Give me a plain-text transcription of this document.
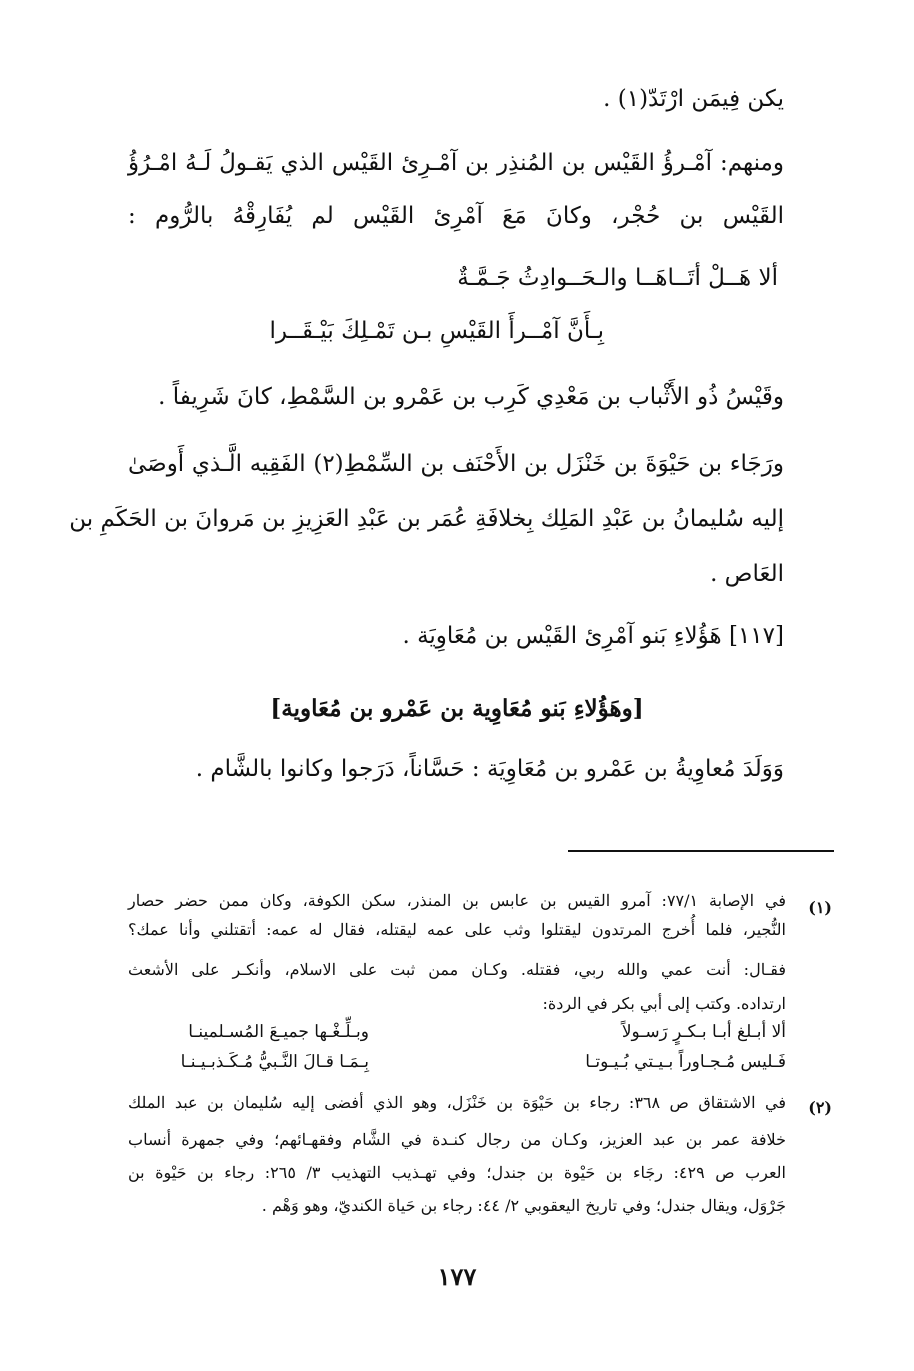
يكن فِيمَن ارْتَدّ(١) .
ومنهم: آمْـرؤُ القَيْس بن المُنذِر بن آمْـرِئ القَيْس الذي يَقـولُ لَـهُ امْـرُؤُ
القَيْس بن حُجْر، وكانَ مَعَ آمْرِئ القَيْس لم يُفَارِقْهُ بالرُّوم :
ألا هَــلْ أتَــاهَــا والـحَــوادِثُ جَـمَّـةٌ
بِـأَنَّ آمْــرأَ القَيْسِ بـن تَمْـلِكَ بَيْـقَــرا
وقَيْسُ ذُو الأَثْباب بن مَعْدِي كَرِب بن عَمْرو بن السَّمْطِ، كانَ شَرِيفاً .
ورَجَاء بن حَيْوَةَ بن خَنْزَل بن الأَحْنَف بن السِّمْطِ(٢) الفَقِيه الَّـذي أَوصَىٰ
إليه سُليمانُ بن عَبْدِ المَلِك بِخلافَةِ عُمَر بن عَبْدِ العَزِيزِ بن مَروانَ بن الحَكَمِ بن
العَاص .
[١١٧] هَؤُلاءِ بَنو آمْرِئ القَيْس بن مُعَاوِيَة .
[وهَؤُلاءِ بَنو مُعَاوِية بن عَمْرو بن مُعَاوية]
وَوَلَدَ مُعاوِيةُ بن عَمْرو بن مُعَاوِيَة : حَسَّاناً، دَرَجوا وكانوا بالشَّام .
(١)
في الإصابة ٧٧/١: آمرو القيس بن عابس بن المنذر، سكن الكوفة، وكان ممن حضر حصار
النُّجير، فلما أُخرج المرتدون ليقتلوا وثب على عمه ليقتله، فقال له عمه: أتقتلني وأنا عمك؟
فقـال: أنت عمي والله ربي، فقتله. وكـان ممن ثبت على الاسلام، وأنكـر على الأشعث
ارتداده. وكتب إلى أبي بكر في الردة:
ألا أبـلغ أبـا بـكـرٍ رَسـولاً
وبـلِّـغْـها جميـعَ المُسـلمينـا
فَـليس مُـجـاوراً بـيـتي بُـيـوتـا
بِـمَـا قـالَ النَّـبيُّ مُـكَـذبـيـنـا
(٢)
في الاشتقاق ص ٣٦٨: رجاء بن حَيْوَة بن خَنْزَل، وهو الذي أفضى إليه سُليمان بن عبد الملك
خلافة عمر بن عبد العزيز، وكـان من رجال كنـدة في الشَّام وفقهـائهم؛ وفي جمهرة أنساب
العرب ص ٤٢٩: رجَاء بن حَيْوة بن جندل؛ وفي تهـذيب التهذيب ٣/ ٢٦٥: رجاء بن حَيْوة بن
جَرْوَل، ويقال جندل؛ وفي تاريخ اليعقوبي ٢/ ٤٤: رجاء بن حَياة الكنديّ، وهو وَهْم .
١٧٧
